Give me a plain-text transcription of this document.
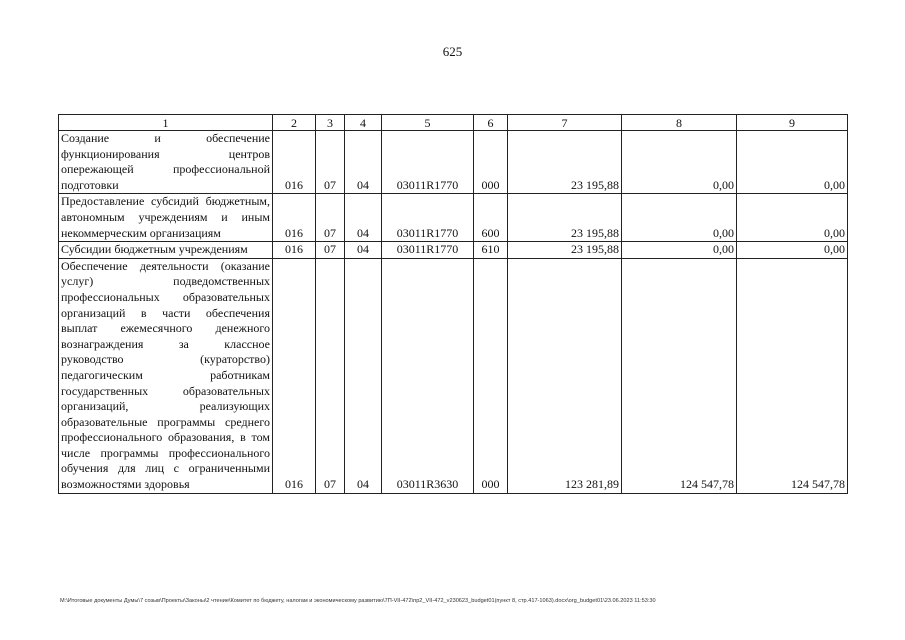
625
1	2	3	4	5	6	7	8	9
Создание и обеспечение функционирования центров опережающей профессиональной подготовки	016	07	04	03011R1770	000	23 195,88	0,00	0,00
Предоставление субсидий бюджетным, автономным учреждениям и иным некоммерческим организациям	016	07	04	03011R1770	600	23 195,88	0,00	0,00
Субсидии бюджетным учреждениям	016	07	04	03011R1770	610	23 195,88	0,00	0,00
Обеспечение деятельности (оказание услуг) подведомственных профессиональных образовательных организаций в части обеспечения выплат ежемесячного денежного вознаграждения за классное руководство (кураторство) педагогическим работникам государственных образовательных организаций, реализующих образовательные программы среднего профессионального образования, в том числе программы профессионального обучения для лиц с ограниченными возможностями здоровья	016	07	04	03011R3630	000	123 281,89	124 547,78	124 547,78
М:\Итоговые документы Думы\7 созыв\Проекты\Законы\2 чтение\Комитет по бюджету, налогам и экономическому развитию\7П-VII-472\пр2_VII-472_v230623_budget01(пункт 8, стр.417-1063).docx\org_budget01\23.06.2023 11:53:30
